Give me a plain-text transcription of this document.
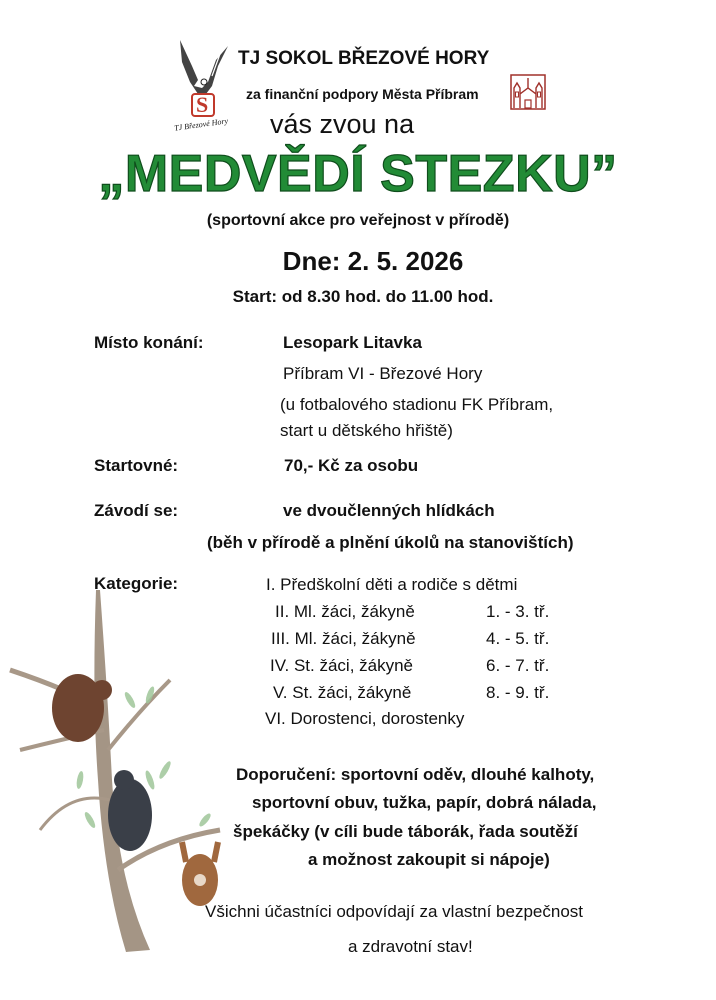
S
TJ Březové Hory
TJ SOKOL BŘEZOVÉ HORY
za finanční podpory Města Příbram
vás zvou na
„MEDVĚDÍ STEZKU”
(sportovní akce pro veřejnost v přírodě)
Dne: 2. 5. 2026
Start: od 8.30 hod. do 11.00 hod.
Místo konání:	Lesopark Litavka
Příbram VI - Březové Hory
(u fotbalového stadionu FK Příbram,
start u dětského hřiště)
Startovné:	70,- Kč za osobu
Závodí se:	ve dvoučlenných hlídkách
(běh v přírodě a plnění úkolů na stanovištích)
Kategorie:	I. Předškolní děti a rodiče s dětmi
II. Ml. žáci, žákyně	1. - 3. tř.
III. Ml. žáci, žákyně	4. - 5. tř.
IV. St. žáci, žákyně	6. - 7. tř.
V. St. žáci, žákyně	8. - 9. tř.
VI. Dorostenci, dorostenky
Doporučení: sportovní oděv, dlouhé kalhoty,
sportovní obuv, tužka, papír, dobrá nálada,
špekáčky (v cíli bude táborák, řada soutěží
a možnost zakoupit si nápoje)
Všichni účastníci odpovídají za vlastní bezpečnost
a zdravotní stav!
